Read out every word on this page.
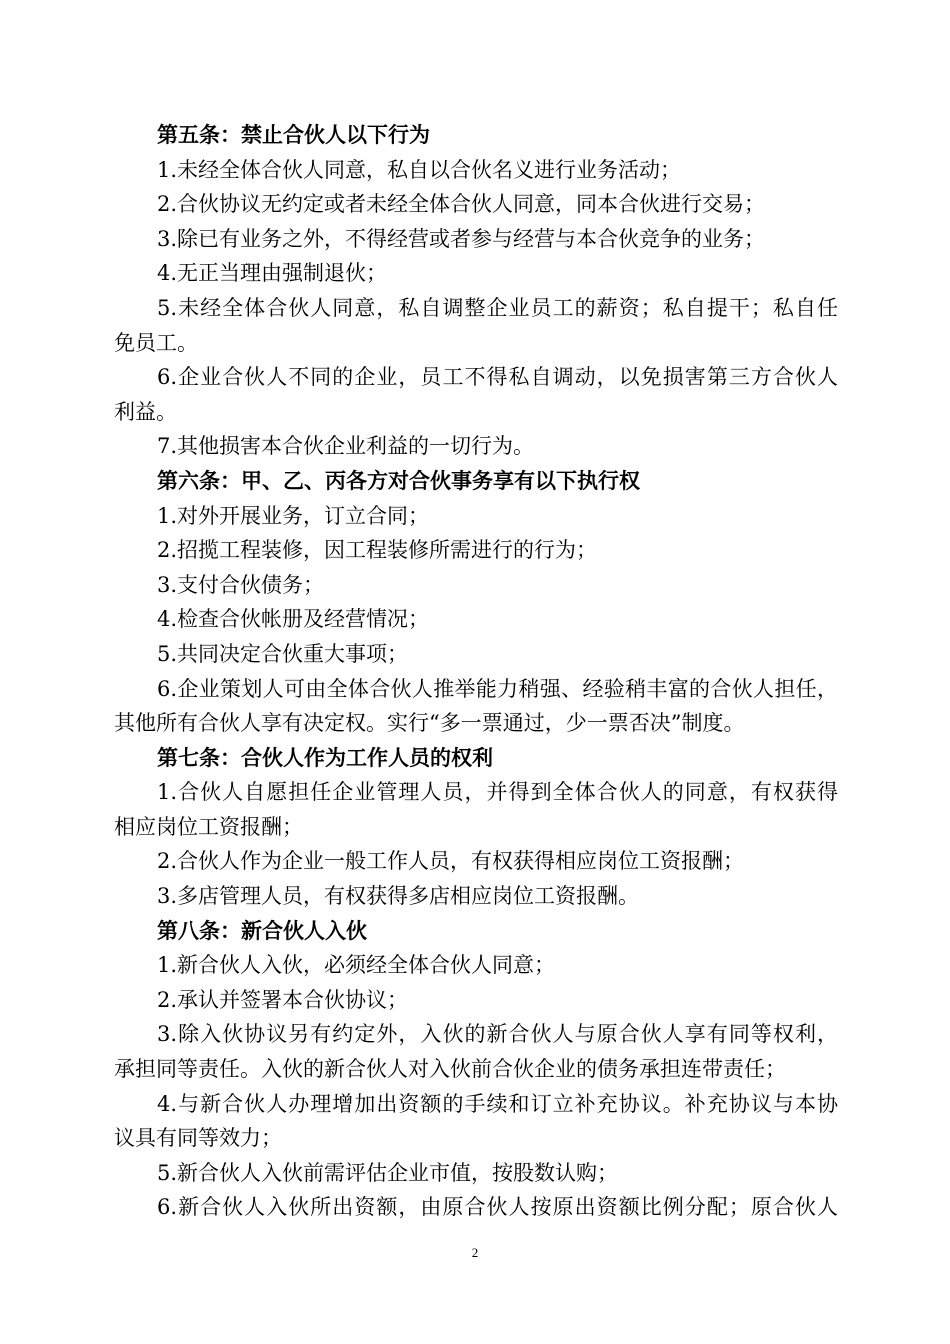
第五条：禁止合伙人以下行为
1.未经全体合伙人同意，私自以合伙名义进行业务活动；
2.合伙协议无约定或者未经全体合伙人同意，同本合伙进行交易；
3.除已有业务之外，不得经营或者参与经营与本合伙竞争的业务；
4.无正当理由强制退伙；
5.未经全体合伙人同意，私自调整企业员工的薪资；私自提干；私自任
免员工。
6.企业合伙人不同的企业，员工不得私自调动，以免损害第三方合伙人
利益。
7.其他损害本合伙企业利益的一切行为。
第六条：甲、乙、丙各方对合伙事务享有以下执行权
1.对外开展业务，订立合同；
2.招揽工程装修，因工程装修所需进行的行为；
3.支付合伙债务；
4.检查合伙帐册及经营情况；
5.共同决定合伙重大事项；
6.企业策划人可由全体合伙人推举能力稍强、经验稍丰富的合伙人担任，
其他所有合伙人享有决定权。实行“多一票通过，少一票否决”制度。
第七条：合伙人作为工作人员的权利
1.合伙人自愿担任企业管理人员，并得到全体合伙人的同意，有权获得
相应岗位工资报酬；
2.合伙人作为企业一般工作人员，有权获得相应岗位工资报酬；
3.多店管理人员，有权获得多店相应岗位工资报酬。
第八条：新合伙人入伙
1.新合伙人入伙，必须经全体合伙人同意；
2.承认并签署本合伙协议；
3.除入伙协议另有约定外，入伙的新合伙人与原合伙人享有同等权利，
承担同等责任。入伙的新合伙人对入伙前合伙企业的债务承担连带责任；
4.与新合伙人办理增加出资额的手续和订立补充协议。补充协议与本协
议具有同等效力；
5.新合伙人入伙前需评估企业市值，按股数认购；
6.新合伙人入伙所出资额，由原合伙人按原出资额比例分配；原合伙人
2
